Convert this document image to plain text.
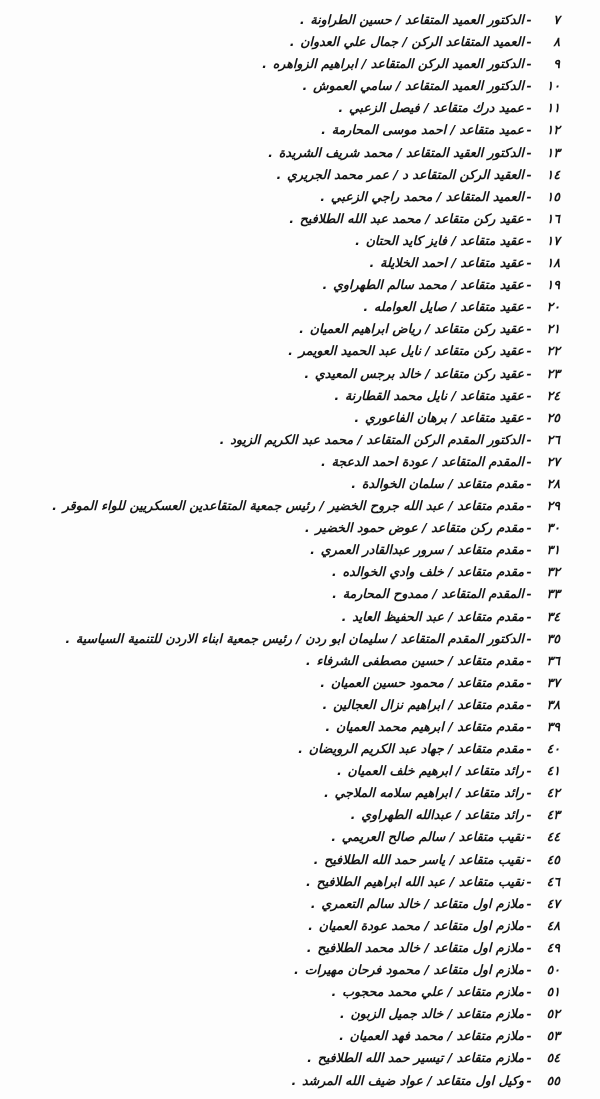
٧-الدكتور العميد المتقاعد / حسين الطراونة.
٨-العميد المتقاعد الركن / جمال علي العدوان.
٩-الدكتور العميد الركن المتقاعد / ابراهيم الزواهره.
١٠-الدكتور العميد المتقاعد / سامي العموش.
١١-عميد درك متقاعد / فيصل الزعبي.
١٢-عميد متقاعد / احمد موسى المحارمة.
١٣-الدكتور العقيد المتقاعد / محمد شريف الشريدة.
١٤-العقيد الركن المتقاعد د / عمر محمد الجريري.
١٥-العميد المتقاعد / محمد راجي الزعبي.
١٦-عقيد ركن متقاعد / محمد عبد الله الطلافيح.
١٧-عقيد متقاعد / فايز كايد الحتان.
١٨-عقيد متقاعد / احمد الخلايلة.
١٩-عقيد متقاعد / محمد سالم الطهراوي.
٢٠-عقيد متقاعد / صايل العوامله.
٢١-عقيد ركن متقاعد / رياض ابراهيم العميان.
٢٢-عقيد ركن متقاعد / نايل عبد الحميد العويمر.
٢٣-عقيد ركن متقاعد / خالد برجس المعيدي.
٢٤-عقيد متقاعد / نايل محمد القطارنة.
٢٥-عقيد متقاعد / برهان الفاعوري.
٢٦-الدكتور المقدم الركن المتقاعد / محمد عبد الكريم الزيود.
٢٧-المقدم المتقاعد / عودة احمد الدعجة.
٢٨-مقدم متقاعد / سلمان الخوالدة.
٢٩-مقدم متقاعد / عبد الله جروح الخضير / رئيس جمعية المتقاعدين العسكريين للواء الموقر.
٣٠-مقدم ركن متقاعد / عوض حمود الخضير.
٣١-مقدم متقاعد / سرور عبدالقادر العمري.
٣٢-مقدم متقاعد / خلف وادي الخوالده.
٣٣-المقدم المتقاعد / ممدوح المحارمة.
٣٤-مقدم متقاعد / عبد الحفيظ العايد.
٣٥-الدكتور المقدم المتقاعد / سليمان ابو ردن / رئيس جمعية ابناء الاردن للتنمية السياسية.
٣٦-مقدم متقاعد / حسين مصطفى الشرفاء.
٣٧-مقدم متقاعد / محمود حسين العميان.
٣٨-مقدم متقاعد / ابراهيم نزال العجالين.
٣٩-مقدم متقاعد / ابرهيم محمد العميان.
٤٠-مقدم متقاعد / جهاد عبد الكريم الرويضان.
٤١-رائد متقاعد / ابرهيم خلف العميان.
٤٢-رائد متقاعد / ابراهيم سلامه الملاجي.
٤٣-رائد متقاعد / عبدالله الطهراوي.
٤٤-نقيب متقاعد / سالم صالح العريمي.
٤٥-نقيب متقاعد / ياسر حمد الله الطلافيح.
٤٦-نقيب متقاعد / عبد الله ابراهيم الطلافيح.
٤٧-ملازم اول متقاعد / خالد سالم التعمري.
٤٨-ملازم اول متقاعد / محمد عودة العميان.
٤٩-ملازم اول متقاعد / خالد محمد الطلافيح.
٥٠-ملازم اول متقاعد / محمود فرحان مهيرات.
٥١-ملازم متقاعد / علي محمد محجوب.
٥٢-ملازم متقاعد / خالد جميل الزبون.
٥٣-ملازم متقاعد / محمد فهد العميان.
٥٤-ملازم متقاعد / تيسير حمد الله الطلافيح.
٥٥-وكيل اول متقاعد / عواد ضيف الله المرشد.
